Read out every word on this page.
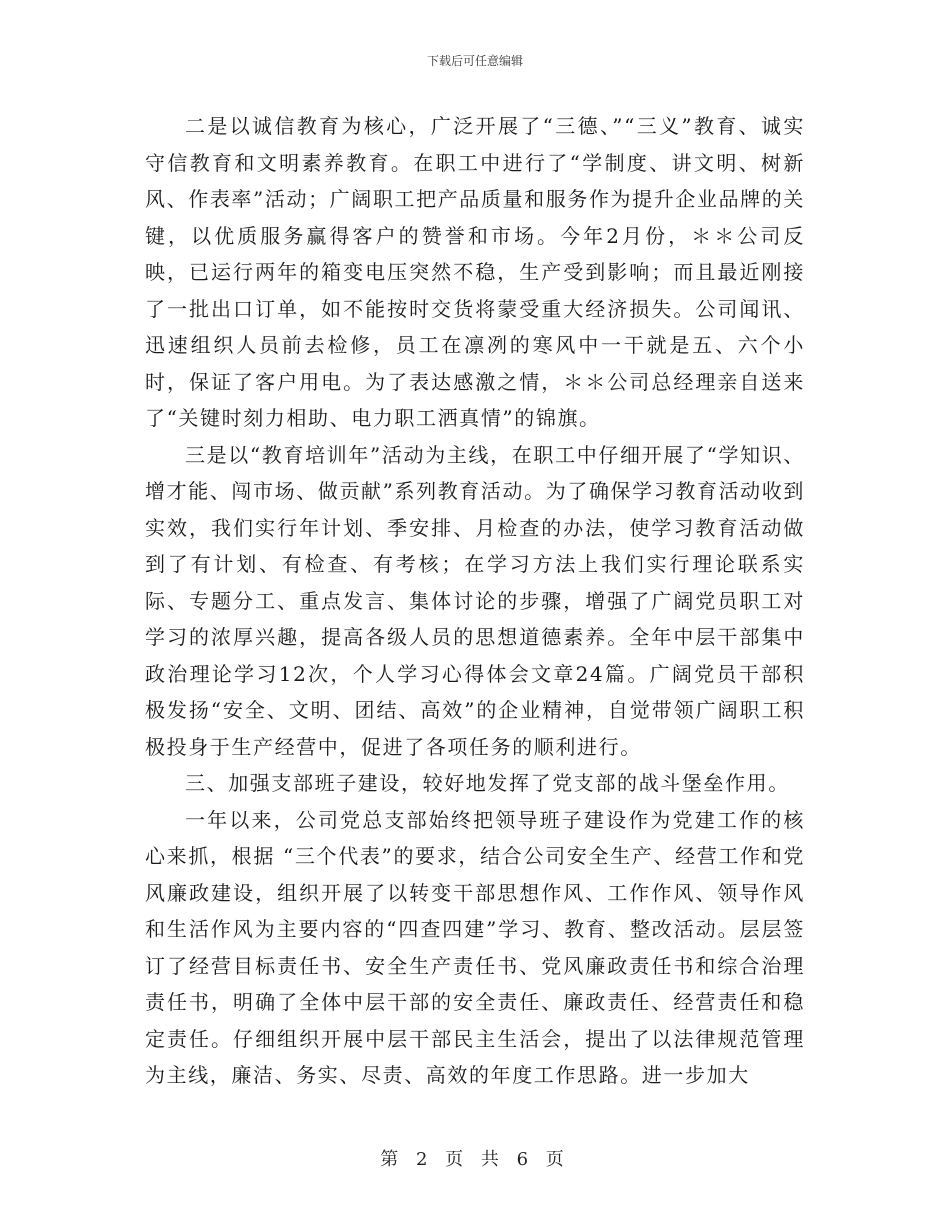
下载后可任意编辑

二是以诚信教育为核心，广泛开展了“三德、”“三义”教育、诚实守信教育和文明素养教育。在职工中进行了“学制度、讲文明、树新风、作表率”活动；广阔职工把产品质量和服务作为提升企业品牌的关键，以优质服务赢得客户的赞誉和市场。今年2月份，＊＊公司反映，已运行两年的箱变电压突然不稳，生产受到影响；而且最近刚接了一批出口订单，如不能按时交货将蒙受重大经济损失。公司闻讯、迅速组织人员前去检修，员工在凛冽的寒风中一干就是五、六个小时，保证了客户用电。为了表达感激之情，＊＊公司总经理亲自送来了“关键时刻力相助、电力职工洒真情”的锦旗。

三是以“教育培训年”活动为主线，在职工中仔细开展了“学知识、增才能、闯市场、做贡献”系列教育活动。为了确保学习教育活动收到实效，我们实行年计划、季安排、月检查的办法，使学习教育活动做到了有计划、有检查、有考核；在学习方法上我们实行理论联系实际、专题分工、重点发言、集体讨论的步骤，增强了广阔党员职工对学习的浓厚兴趣，提高各级人员的思想道德素养。全年中层干部集中政治理论学习12次，个人学习心得体会文章24篇。广阔党员干部积极发扬“安全、文明、团结、高效”的企业精神，自觉带领广阔职工积极投身于生产经营中，促进了各项任务的顺利进行。

三、加强支部班子建设，较好地发挥了党支部的战斗堡垒作用。

一年以来，公司党总支部始终把领导班子建设作为党建工作的核心来抓，根据 “三个代表”的要求，结合公司安全生产、经营工作和党风廉政建设，组织开展了以转变干部思想作风、工作作风、领导作风和生活作风为主要内容的“四查四建”学习、教育、整改活动。层层签订了经营目标责任书、安全生产责任书、党风廉政责任书和综合治理责任书，明确了全体中层干部的安全责任、廉政责任、经营责任和稳定责任。仔细组织开展中层干部民主生活会，提出了以法律规范管理为主线，廉洁、务实、尽责、高效的年度工作思路。进一步加大

第 2 页 共 6 页
